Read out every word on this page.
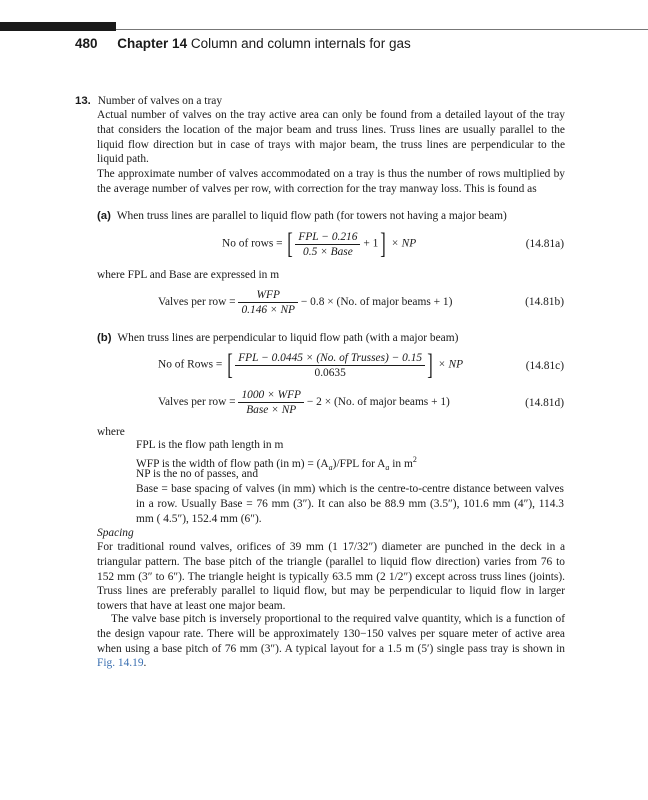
480 Chapter 14 Column and column internals for gas
13. Number of valves on a tray
Actual number of valves on the tray active area can only be found from a detailed layout of the tray that considers the location of the major beam and truss lines. Truss lines are usually parallel to the liquid flow direction but in case of trays with major beam, the truss lines are perpendicular to the liquid path.
The approximate number of valves accommodated on a tray is thus the number of rows multiplied by the average number of valves per row, with correction for the tray manway loss. This is found as
(a) When truss lines are parallel to liquid flow path (for towers not having a major beam)
No of rows = [ $\frac{\text{FPL − 0.216}}{\text{0.5 × Base}} + 1$] × NP	(14.81a)
where FPL and Base are expressed in m
Valves per row = $\frac{\text{WFP}}{0.146 \times NP} - 0.8 \times (No$. of major beams + 1)	(14.81b)
(b) When truss lines are perpendicular to liquid flow path (with a major beam)
No of Rows = [ $\frac{\text{FPL − 0.0445 × (No. of Trusses) − 0.15}}{0.0635}$ ] × NP	(14.81c)
Valves per row = $\frac{\text{1000 × WFP}}{\text{Base × NP}} - 2 \times (No$. of major beams + 1)	(14.81d)
where
FPL is the flow path length in m
WFP is the width of flow path (in $m) = (A_a)$/FPL for $A_a$ in $m^2$
NP is the no of passes, and
Base = base spacing of valves (in mm) which is the centre-to-centre distance between valves in a row. Usually Base = 76 mm (3″). It can also be 88.9 mm (3.5″), 101.6 mm (4″), 114.3 mm ( 4.5″), 152.4 mm (6″).
Spacing
For traditional round valves, orifices of 39 mm (1 17/32″) diameter are punched in the deck in a triangular pattern. The base pitch of the triangle (parallel to liquid flow direction) varies from 76 to 152 mm (3″ to 6″). The triangle height is typically 63.5 mm (2 1/2″) except across truss lines (joints). Truss lines are preferably parallel to liquid flow, but may be perpendicular to liquid flow in larger towers that have at least one major beam.
The valve base pitch is inversely proportional to the required valve quantity, which is a function of the design vapour rate. There will be approximately 130−150 valves per square meter of active area when using a base pitch of 76 mm (3″). A typical layout for a 1.5 m (5′) single pass tray is shown in Fig. 14.19.
